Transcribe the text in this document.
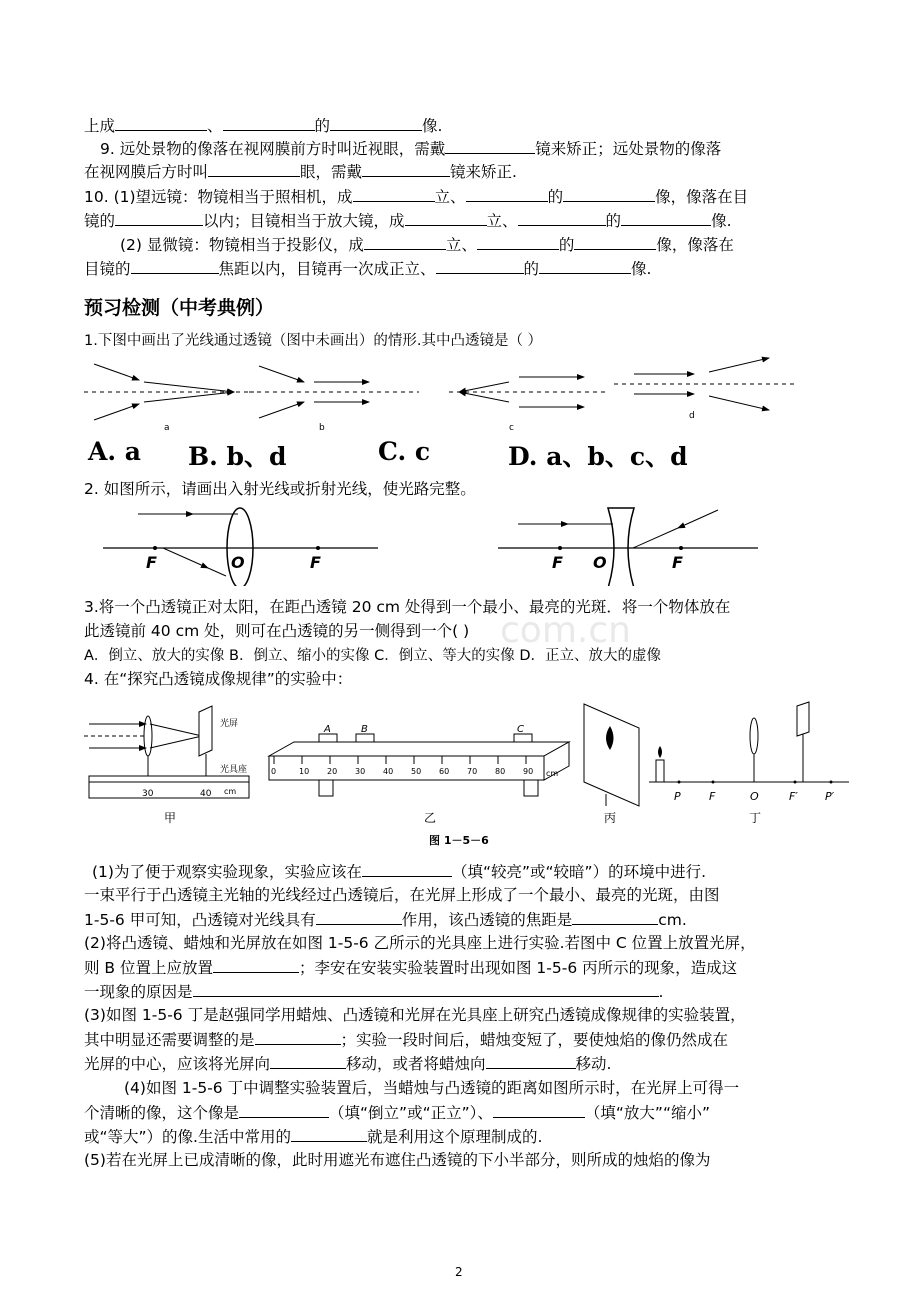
上成	、	的	像.
9. 远处景物的像落在视网膜前方时叫近视眼，需戴	镜来矫正；远处景物的像落
在视网膜后方时叫	眼，需戴	镜来矫正.
10. (1)望远镜：物镜相当于照相机，成	立、	的	像，像落在目
镜的	以内；目镜相当于放大镜，成	立、	的	像.
(2) 显微镜：物镜相当于投影仪，成	立、	的	像，像落在
目镜的	焦距以内，目镜再一次成正立、	的	像.
预习检测（中考典例）
1.下图中画出了光线通过透镜（图中未画出）的情形.其中凸透镜是（ ）
a	b	c
d
A. a B. b、d	C. c	D. a、b、c、d
2. 如图所示，请画出入射光线或折射光线，使光路完整。
F	O	F	F O	F
3.将一个凸透镜正对太阳，在距凸透镜 20 cm 处得到一个最小、最亮的光斑．将一个物体放在
此透镜前 40 cm 处，则可在凸透镜的另一侧得到一个( )
A．倒立、放大的实像 B．倒立、缩小的实像 C．倒立、等大的实像 D．正立、放大的虚像
4. 在“探究凸透镜成像规律”的实验中：
com.cn
光屏
光具座
30	40 cm
甲
A	B	C
0	10 20 30 40 50 60 70 80 90 cm
乙	丙
P	F	O	F′ P′
丁
图 1－5－6
(1)为了便于观察实验现象，实验应该在	（填“较亮”或“较暗”）的环境中进行.
一束平行于凸透镜主光轴的光线经过凸透镜后，在光屏上形成了一个最小、最亮的光斑，由图
1-5-6 甲可知，凸透镜对光线具有	作用，该凸透镜的焦距是	cm.
(2)将凸透镜、蜡烛和光屏放在如图 1-5-6 乙所示的光具座上进行实验.若图中 C 位置上放置光屏，
则 B 位置上应放置	；李安在安装实验装置时出现如图 1-5-6 丙所示的现象，造成这
一现象的原因是	.
(3)如图 1-5-6 丁是赵强同学用蜡烛、凸透镜和光屏在光具座上研究凸透镜成像规律的实验装置，
其中明显还需要调整的是	；实验一段时间后，蜡烛变短了，要使烛焰的像仍然成在
光屏的中心，应该将光屏向	移动，或者将蜡烛向	移动.
(4)如图 1-5-6 丁中调整实验装置后，当蜡烛与凸透镜的距离如图所示时，在光屏上可得一
个清晰的像，这个像是	（填“倒立”或“正立”）、	（填“放大”“缩小”
或“等大”）的像.生活中常用的	就是利用这个原理制成的.
(5)若在光屏上已成清晰的像，此时用遮光布遮住凸透镜的下小半部分，则所成的烛焰的像为
2
